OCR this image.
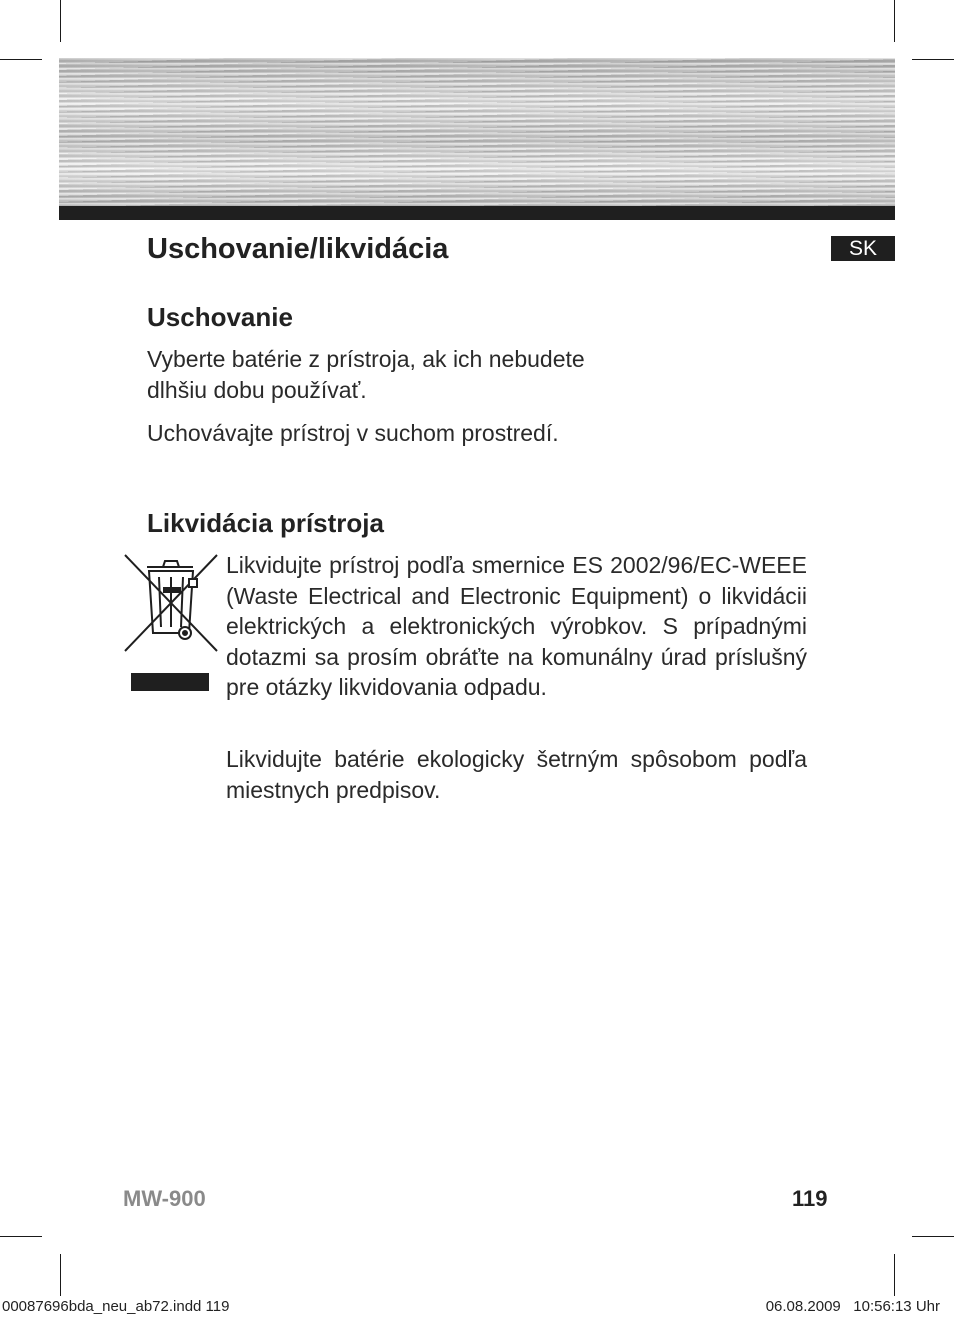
Uschovanie/likvidácia	SK
Uschovanie

Vyberte batérie z prístroja, ak ich nebudete dlhšiu dobu používať.

Uchovávajte prístroj v suchom prostredí.

Likvidácia prístroja

Likvidujte prístroj podľa smernice ES 2002/96/EC-WEEE (Waste Electrical and Electronic Equipment) o likvidácii elektrických a elektronických výrobkov. S prípadnými dotazmi sa prosím obráťte na komunálny úrad príslušný pre otázky likvidovania odpadu.

Likvidujte batérie ekologicky šetrným spôsobom podľa miestnych predpisov.

MW-900	119
00087696bda_neu_ab72.indd 119	06.08.2009   10:56:13 Uhr
